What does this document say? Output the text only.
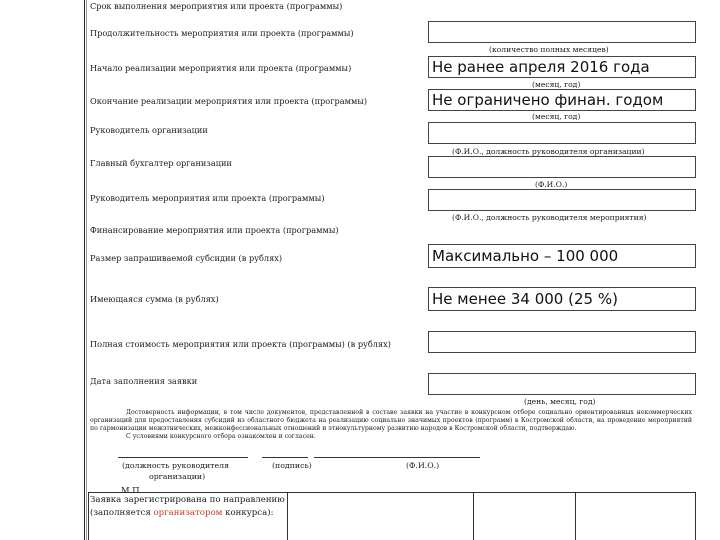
Срок выполнения мероприятия или проекта (программы)
Продолжительность мероприятия или проекта (программы)
(количество полных месяцев)
Начало реализации мероприятия или проекта (программы)	Не ранее апреля 2016 года
(месяц, год)
Окончание реализации мероприятия или проекта (программы)	Не ограничено финан. годом
(месяц, год)
Руководитель организации
(Ф.И.О., должность руководителя организации)
Главный бухгалтер организации
(Ф.И.О.)
Руководитель мероприятия или проекта (программы)
(Ф.И.О., должность руководителя мероприятия)
Финансирование мероприятия или проекта (программы)
Размер запрашиваемой субсидии (в рублях)	Максимально – 100 000
Имеющаяся сумма (в рублях)	Не менее 34 000 (25 %)
Полная стоимость мероприятия или проекта (программы) (в рублях)
Дата заполнения заявки
(день, месяц, год)

Достоверность информации, в том числе документов, представленной в составе заявки на участие в конкурсном отборе социально ориентированных некоммерческих организаций для предоставления субсидий из областного бюджета на реализацию социально значимых проектов (программ) в Костромской области, на проведение мероприятий по гармонизации межэтнических, межконфессиональных отношений и этнокультурному развитию народов в Костромской области, подтверждаю.

С условиями конкурсного отбора ознакомлен и согласен.

(должность руководителя	(подпись)	(Ф.И.О.)
организации)
М.П.
Заявка зарегистрирована по направлению
(заполняется организатором конкурса):
